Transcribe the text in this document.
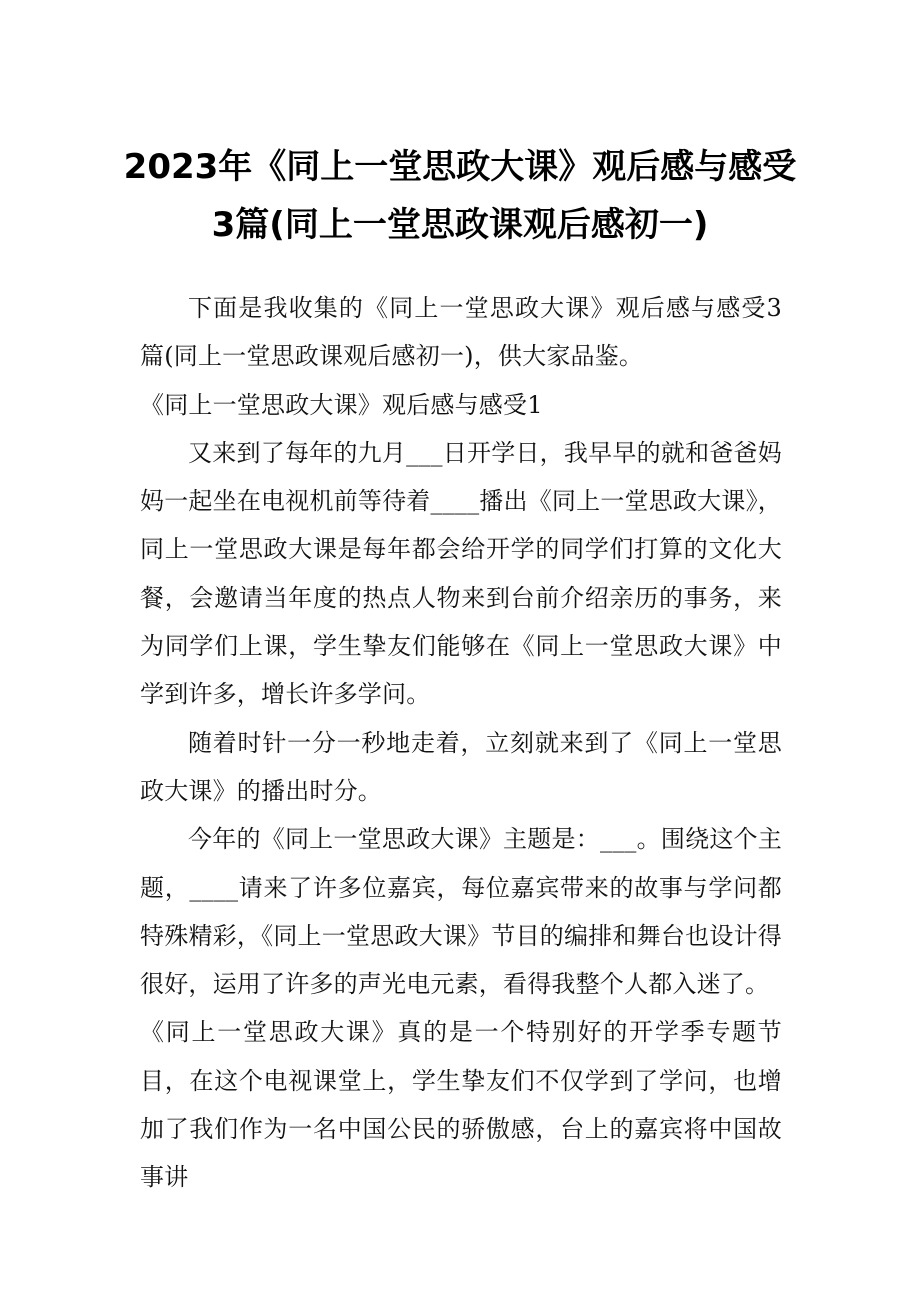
2023年《同上一堂思政大课》观后感与感受
3篇(同上一堂思政课观后感初一)

下面是我收集的《同上一堂思政大课》观后感与感受3篇(同上一堂思政课观后感初一)，供大家品鉴。

《同上一堂思政大课》观后感与感受1

又来到了每年的九月___日开学日，我早早的就和爸爸妈妈一起坐在电视机前等待着____播出《同上一堂思政大课》，同上一堂思政大课是每年都会给开学的同学们打算的文化大餐，会邀请当年度的热点人物来到台前介绍亲历的事务，来为同学们上课，学生挚友们能够在《同上一堂思政大课》中学到许多，增长许多学问。

随着时针一分一秒地走着，立刻就来到了《同上一堂思政大课》的播出时分。

今年的《同上一堂思政大课》主题是：___。围绕这个主题，____请来了许多位嘉宾，每位嘉宾带来的故事与学问都特殊精彩，《同上一堂思政大课》节目的编排和舞台也设计得很好，运用了许多的声光电元素，看得我整个人都入迷了。

《同上一堂思政大课》真的是一个特别好的开学季专题节目，在这个电视课堂上，学生挚友们不仅学到了学问，也增加了我们作为一名中国公民的骄傲感，台上的嘉宾将中国故事讲
